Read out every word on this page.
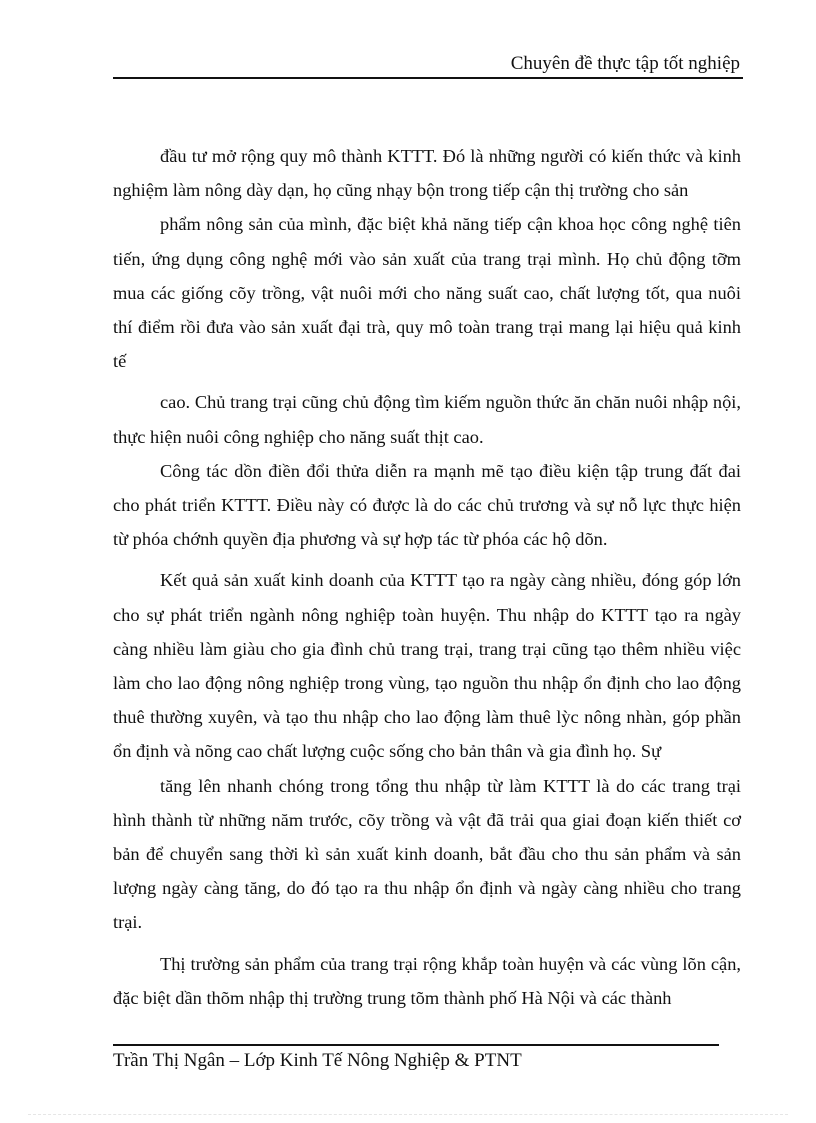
Chuyên đề thực tập tốt nghiệp

đầu tư mở rộng quy mô thành KTTT. Đó là những người có kiến thức và kinh nghiệm làm nông dày dạn, họ cũng nhạy bộn trong tiếp cận thị trường cho sản

phẩm nông sản của mình, đặc biệt khả năng tiếp cận khoa học công nghệ tiên tiến, ứng dụng công nghệ mới vào sản xuất của trang trại mình. Họ chủ động tỡm mua các giống cõy trồng, vật nuôi mới cho năng suất cao, chất lượng tốt, qua nuôi thí điểm rồi đưa vào sản xuất đại trà, quy mô toàn trang trại mang lại hiệu quả kinh tế

cao. Chủ trang trại cũng chủ động tìm kiếm nguồn thức ăn chăn nuôi nhập nội, thực hiện nuôi công nghiệp cho năng suất thịt cao.

Công tác dồn điền đổi thửa diễn ra mạnh mẽ tạo điều kiện tập trung đất đai cho phát triển KTTT. Điều này có được là do các chủ trương và sự nỗ lực thực hiện từ phóa chớnh quyền địa phương và sự hợp tác từ phóa các hộ dõn.

Kết quả sản xuất kinh doanh của KTTT tạo ra ngày càng nhiều, đóng góp lớn cho sự phát triển ngành nông nghiệp toàn huyện. Thu nhập do KTTT tạo ra ngày càng nhiều làm giàu cho gia đình chủ trang trại, trang trại cũng tạo thêm nhiều việc làm cho lao động nông nghiệp trong vùng, tạo nguồn thu nhập ổn định cho lao động thuê thường xuyên, và tạo thu nhập cho lao động làm thuê lỳc nông nhàn, góp phần ổn định và nõng cao chất lượng cuộc sống cho bản thân và gia đình họ. Sự

tăng lên nhanh chóng trong tổng thu nhập từ làm KTTT là do các trang trại hình thành từ những năm trước, cõy trồng và vật đã trải qua giai đoạn kiến thiết cơ bản để chuyển sang thời kì sản xuất kinh doanh, bắt đầu cho thu sản phẩm và sản lượng ngày càng tăng, do đó tạo ra thu nhập ổn định và ngày càng nhiều cho trang trại.

Thị trường sản phẩm của trang trại rộng khắp toàn huyện và các vùng lõn cận, đặc biệt dần thõm nhập thị trường trung tõm thành phố Hà Nội và các thành

Trần Thị Ngân – Lớp Kinh Tế Nông Nghiệp & PTNT
